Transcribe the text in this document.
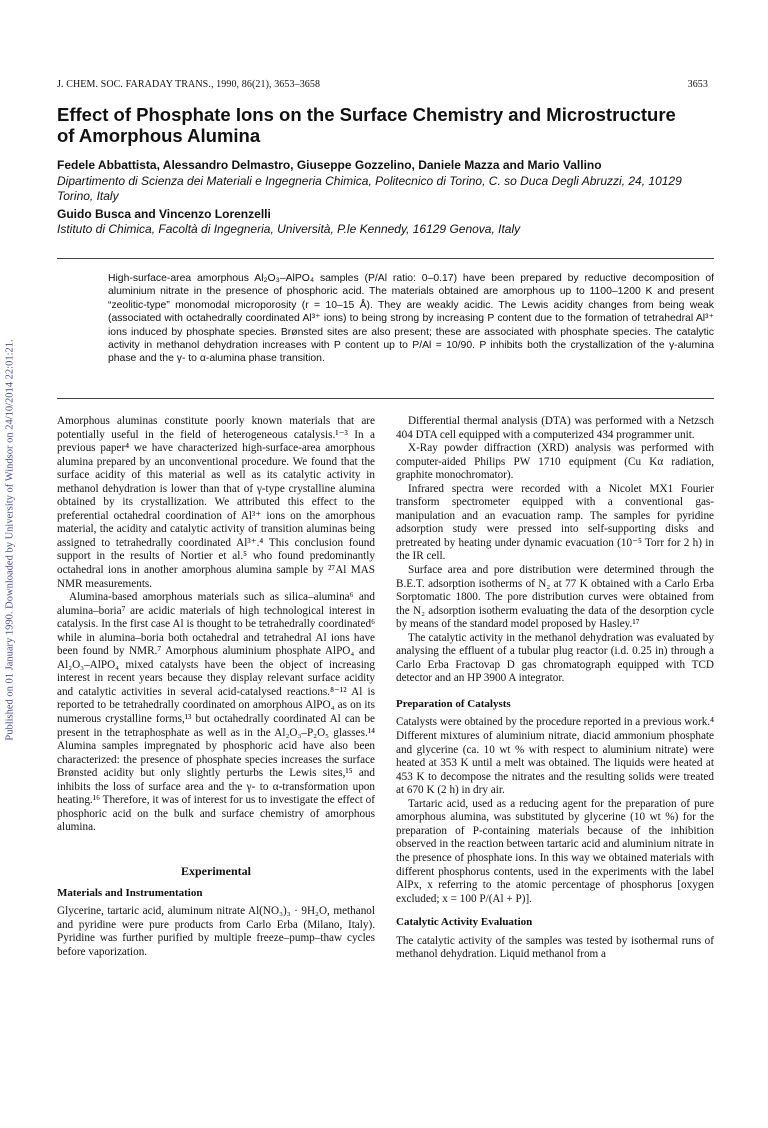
Published on 01 January 1990. Downloaded by University of Windsor on 24/10/2014 22:01:21.
J. CHEM. SOC. FARADAY TRANS., 1990, 86(21), 3653–3658	3653
Effect of Phosphate Ions on the Surface Chemistry and Microstructure of Amorphous Alumina
Fedele Abbattista, Alessandro Delmastro, Giuseppe Gozzelino, Daniele Mazza and Mario Vallino
Dipartimento di Scienza dei Materiali e Ingegneria Chimica, Politecnico di Torino, C. so Duca Degli Abruzzi, 24, 10129 Torino, Italy
Guido Busca and Vincenzo Lorenzelli
Istituto di Chimica, Facoltà di Ingegneria, Università, P.le Kennedy, 16129 Genova, Italy
High-surface-area amorphous Al₂O₃–AlPO₄ samples (P/Al ratio: 0–0.17) have been prepared by reductive decomposition of aluminium nitrate in the presence of phosphoric acid. The materials obtained are amorphous up to 1100–1200 K and present “zeolitic-type” monomodal microporosity (r = 10–15 Å). They are weakly acidic. The Lewis acidity changes from being weak (associated with octahedrally coordinated Al³⁺ ions) to being strong by increasing P content due to the formation of tetrahedral Al³⁺ ions induced by phosphate species. Brønsted sites are also present; these are associated with phosphate species. The catalytic activity in methanol dehydration increases with P content up to P/Al = 10/90. P inhibits both the crystallization of the γ-alumina phase and the γ- to α-alumina phase transition.

Amorphous aluminas constitute poorly known materials that are potentially useful in the field of heterogeneous catalysis.¹⁻³ In a previous paper⁴ we have characterized high-surface-area amorphous alumina prepared by an unconventional procedure. We found that the surface acidity of this material as well as its catalytic activity in methanol dehydration is lower than that of γ-type crystalline alumina obtained by its crystallization. We attributed this effect to the preferential octahedral coordination of Al³⁺ ions on the amorphous material, the acidity and catalytic activity of transition aluminas being assigned to tetrahedrally coordinated Al³⁺.⁴ This conclusion found support in the results of Nortier et al.⁵ who found predominantly octahedral ions in another amorphous alumina sample by ²⁷Al MAS NMR measurements.

Alumina-based amorphous materials such as silica–alumina⁶ and alumina–boria⁷ are acidic materials of high technological interest in catalysis. In the first case Al is thought to be tetrahedrally coordinated⁶ while in alumina–boria both octahedral and tetrahedral Al ions have been found by NMR.⁷ Amorphous aluminium phosphate AlPO₄ and Al₂O₃–AlPO₄ mixed catalysts have been the object of increasing interest in recent years because they display relevant surface acidity and catalytic activities in several acid-catalysed reactions.⁸⁻¹² Al is reported to be tetrahedrally coordinated on amorphous AlPO₄ as on its numerous crystalline forms,¹³ but octahedrally coordinated Al can be present in the tetraphosphate as well as in the Al₂O₃–P₂O₅ glasses.¹⁴ Alumina samples impregnated by phosphoric acid have also been characterized: the presence of phosphate species increases the surface Brønsted acidity but only slightly perturbs the Lewis sites,¹⁵ and inhibits the loss of surface area and the γ- to α-transformation upon heating.¹⁶ Therefore, it was of interest for us to investigate the effect of phosphoric acid on the bulk and surface chemistry of amorphous alumina.

Experimental
Materials and Instrumentation

Glycerine, tartaric acid, aluminum nitrate Al(NO₃)₃ · 9H₂O, methanol and pyridine were pure products from Carlo Erba (Milano, Italy). Pyridine was further purified by multiple freeze–pump–thaw cycles before vaporization.

Differential thermal analysis (DTA) was performed with a Netzsch 404 DTA cell equipped with a computerized 434 programmer unit.

X-Ray powder diffraction (XRD) analysis was performed with computer-aided Philips PW 1710 equipment (Cu Kα radiation, graphite monochromator).

Infrared spectra were recorded with a Nicolet MX1 Fourier transform spectrometer equipped with a conventional gas-manipulation and an evacuation ramp. The samples for pyridine adsorption study were pressed into self-supporting disks and pretreated by heating under dynamic evacuation (10⁻⁵ Torr for 2 h) in the IR cell.

Surface area and pore distribution were determined through the B.E.T. adsorption isotherms of N₂ at 77 K obtained with a Carlo Erba Sorptomatic 1800. The pore distribution curves were obtained from the N₂ adsorption isotherm evaluating the data of the desorption cycle by means of the standard model proposed by Hasley.¹⁷

The catalytic activity in the methanol dehydration was evaluated by analysing the effluent of a tubular plug reactor (i.d. 0.25 in) through a Carlo Erba Fractovap D gas chromatograph equipped with TCD detector and an HP 3900 A integrator.

Preparation of Catalysts

Catalysts were obtained by the procedure reported in a previous work.⁴ Different mixtures of aluminium nitrate, diacid ammonium phosphate and glycerine (ca. 10 wt % with respect to aluminium nitrate) were heated at 353 K until a melt was obtained. The liquids were heated at 453 K to decompose the nitrates and the resulting solids were treated at 670 K (2 h) in dry air.

Tartaric acid, used as a reducing agent for the preparation of pure amorphous alumina, was substituted by glycerine (10 wt %) for the preparation of P-containing materials because of the inhibition observed in the reaction between tartaric acid and aluminium nitrate in the presence of phosphate ions. In this way we obtained materials with different phosphorus contents, used in the experiments with the label AlPx, x referring to the atomic percentage of phosphorus [oxygen excluded; x = 100 P/(Al + P)].

Catalytic Activity Evaluation

The catalytic activity of the samples was tested by isothermal runs of methanol dehydration. Liquid methanol from a
